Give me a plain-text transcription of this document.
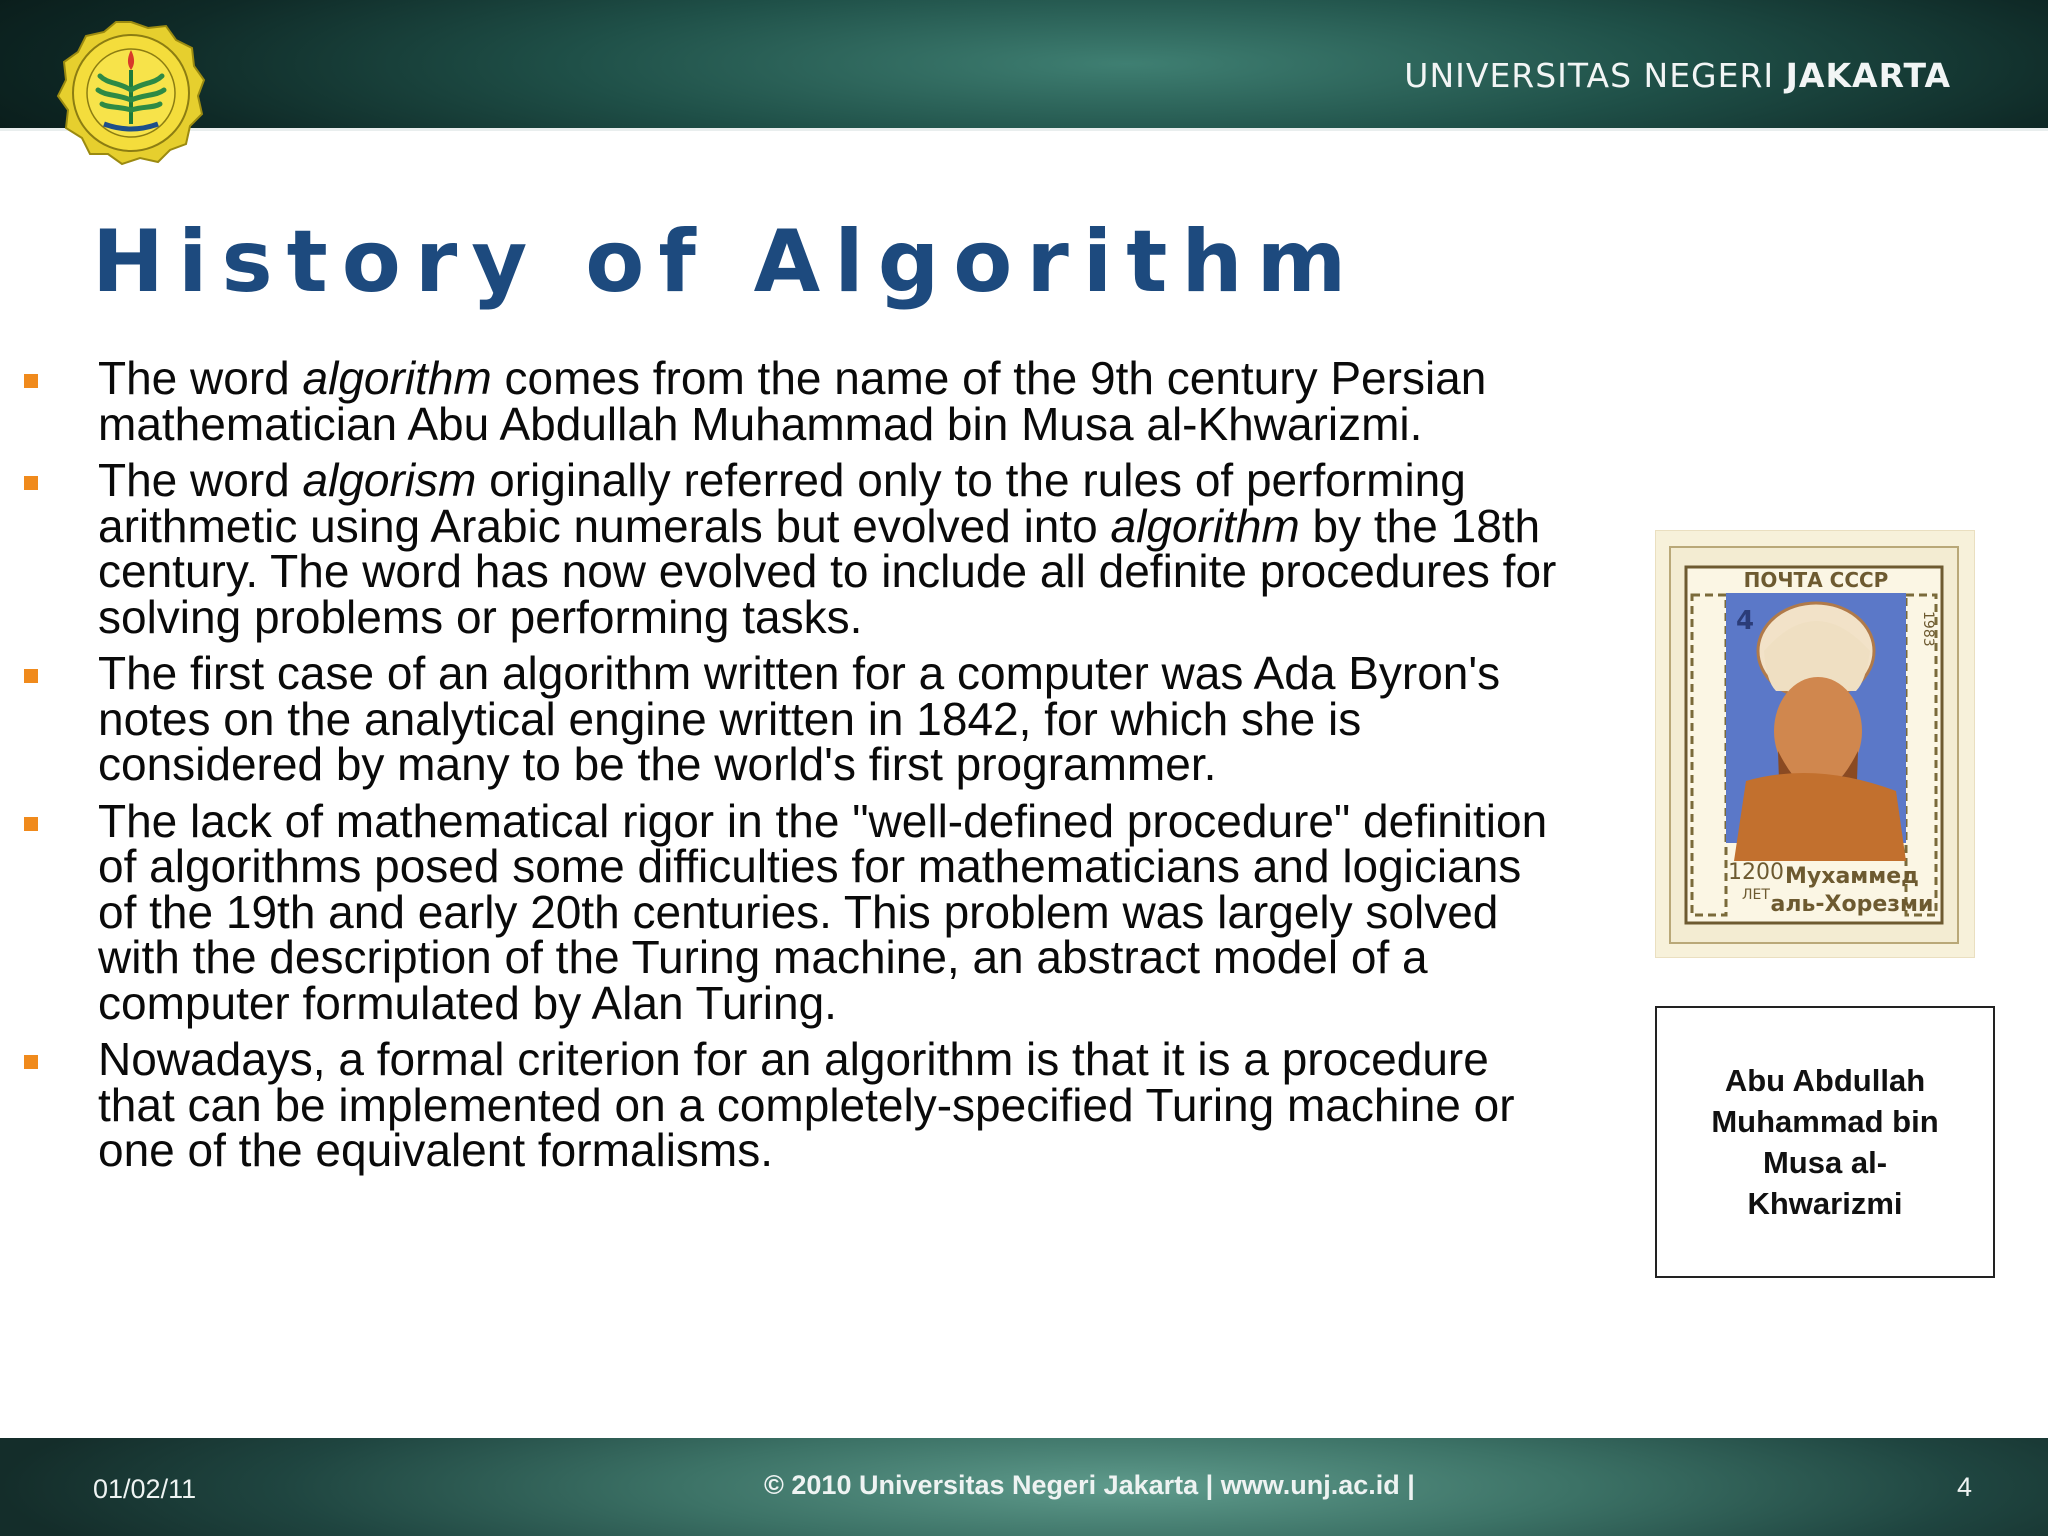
UNIVERSITAS NEGERI JAKARTA
History of Algorithm
The word algorithm comes from the name of the 9th century Persian mathematician Abu Abdullah Muhammad bin Musa al-Khwarizmi.
The word algorism originally referred only to the rules of performing arithmetic using Arabic numerals but evolved into algorithm by the 18th century. The word has now evolved to include all definite procedures for solving problems or performing tasks.
The first case of an algorithm written for a computer was Ada Byron's notes on the analytical engine written in 1842, for which she is considered by many to be the world's first programmer.
The lack of mathematical rigor in the "well-defined procedure" definition of algorithms posed some difficulties for mathematicians and logicians of the 19th and early 20th centuries. This problem was largely solved with the description of the Turing machine, an abstract model of a computer formulated by Alan Turing.
Nowadays, a formal criterion for an algorithm is that it is a procedure that can be implemented on a completely-specified Turing machine or one of the equivalent formalisms.
ПОЧТА СССР
1983
4
1200
ЛЕТ
Мухаммед
аль-Хорезми
Abu Abdullah Muhammad bin Musa al-Khwarizmi
01/02/11	© 2010 Universitas Negeri Jakarta | www.unj.ac.id |	4
